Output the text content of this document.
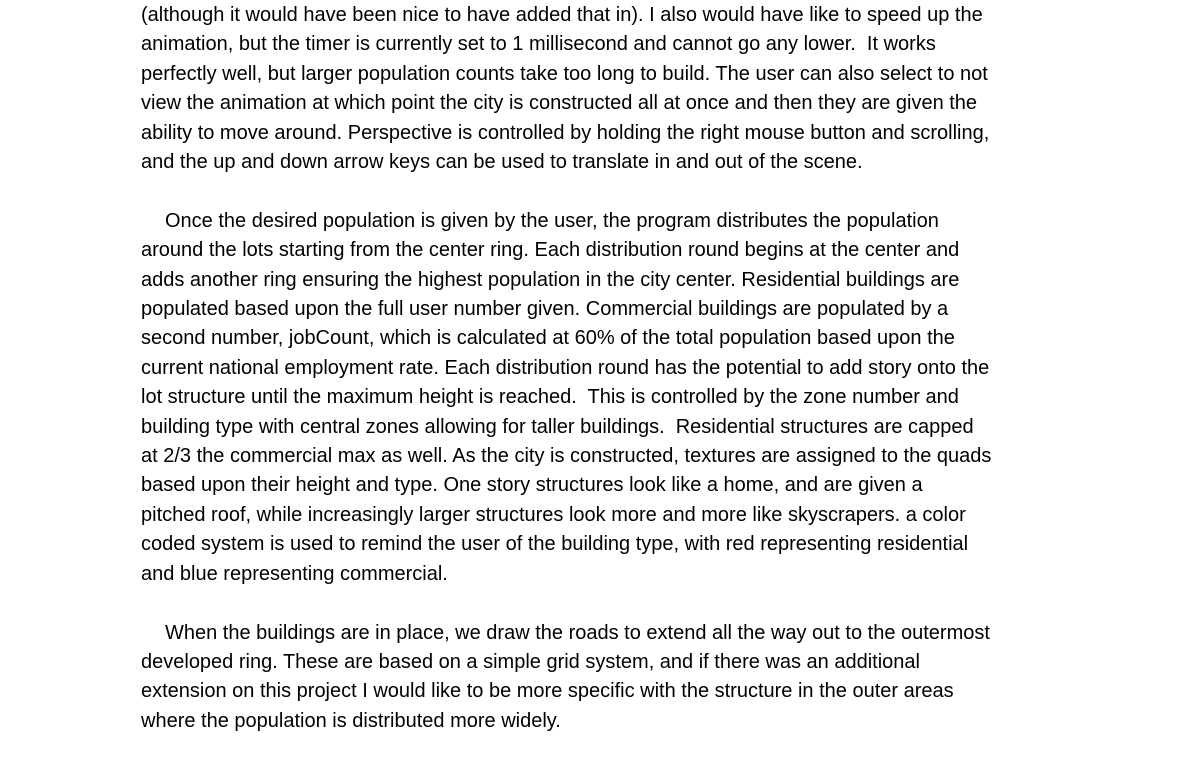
(although it would have been nice to have added that in). I also would have like to speed up the
animation, but the timer is currently set to 1 millisecond and cannot go any lower.  It works
perfectly well, but larger population counts take too long to build. The user can also select to not
view the animation at which point the city is constructed all at once and then they are given the
ability to move around. Perspective is controlled by holding the right mouse button and scrolling,
and the up and down arrow keys can be used to translate in and out of the scene.
Once the desired population is given by the user, the program distributes the population
around the lots starting from the center ring. Each distribution round begins at the center and
adds another ring ensuring the highest population in the city center. Residential buildings are
populated based upon the full user number given. Commercial buildings are populated by a
second number, jobCount, which is calculated at 60% of the total population based upon the
current national employment rate. Each distribution round has the potential to add story onto the
lot structure until the maximum height is reached.  This is controlled by the zone number and
building type with central zones allowing for taller buildings.  Residential structures are capped
at 2/3 the commercial max as well. As the city is constructed, textures are assigned to the quads
based upon their height and type. One story structures look like a home, and are given a
pitched roof, while increasingly larger structures look more and more like skyscrapers. a color
coded system is used to remind the user of the building type, with red representing residential
and blue representing commercial.
When the buildings are in place, we draw the roads to extend all the way out to the outermost
developed ring. These are based on a simple grid system, and if there was an additional
extension on this project I would like to be more specific with the structure in the outer areas
where the population is distributed more widely.
